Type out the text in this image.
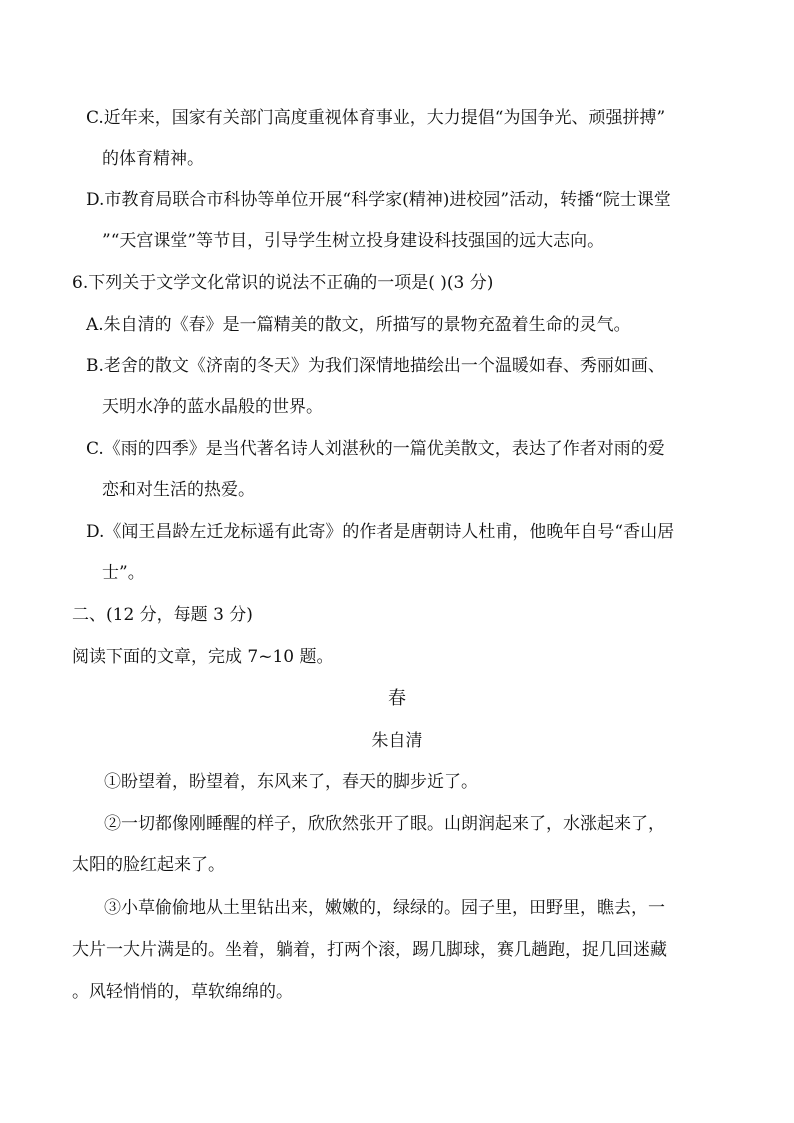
C.近年来，国家有关部门高度重视体育事业，大力提倡“为国争光、顽强拼搏”
的体育精神。
D.市教育局联合市科协等单位开展“科学家(精神)进校园”活动，转播“院士课堂
”“天宫课堂”等节目，引导学生树立投身建设科技强国的远大志向。
6.下列关于文学文化常识的说法不正确的一项是( )(3 分)
A.朱自清的《春》是一篇精美的散文，所描写的景物充盈着生命的灵气。
B.老舍的散文《济南的冬天》为我们深情地描绘出一个温暖如春、秀丽如画、
天明水净的蓝水晶般的世界。
C.《雨的四季》是当代著名诗人刘湛秋的一篇优美散文，表达了作者对雨的爱
恋和对生活的热爱。
D.《闻王昌龄左迁龙标遥有此寄》的作者是唐朝诗人杜甫，他晚年自号“香山居
士”。
二、(12 分，每题 3 分)
阅读下面的文章，完成 7~10 题。
春
朱自清
①盼望着，盼望着，东风来了，春天的脚步近了。
②一切都像刚睡醒的样子，欣欣然张开了眼。山朗润起来了，水涨起来了，
太阳的脸红起来了。
③小草偷偷地从土里钻出来，嫩嫩的，绿绿的。园子里，田野里，瞧去，一
大片一大片满是的。坐着，躺着，打两个滚，踢几脚球，赛几趟跑，捉几回迷藏
。风轻悄悄的，草软绵绵的。
